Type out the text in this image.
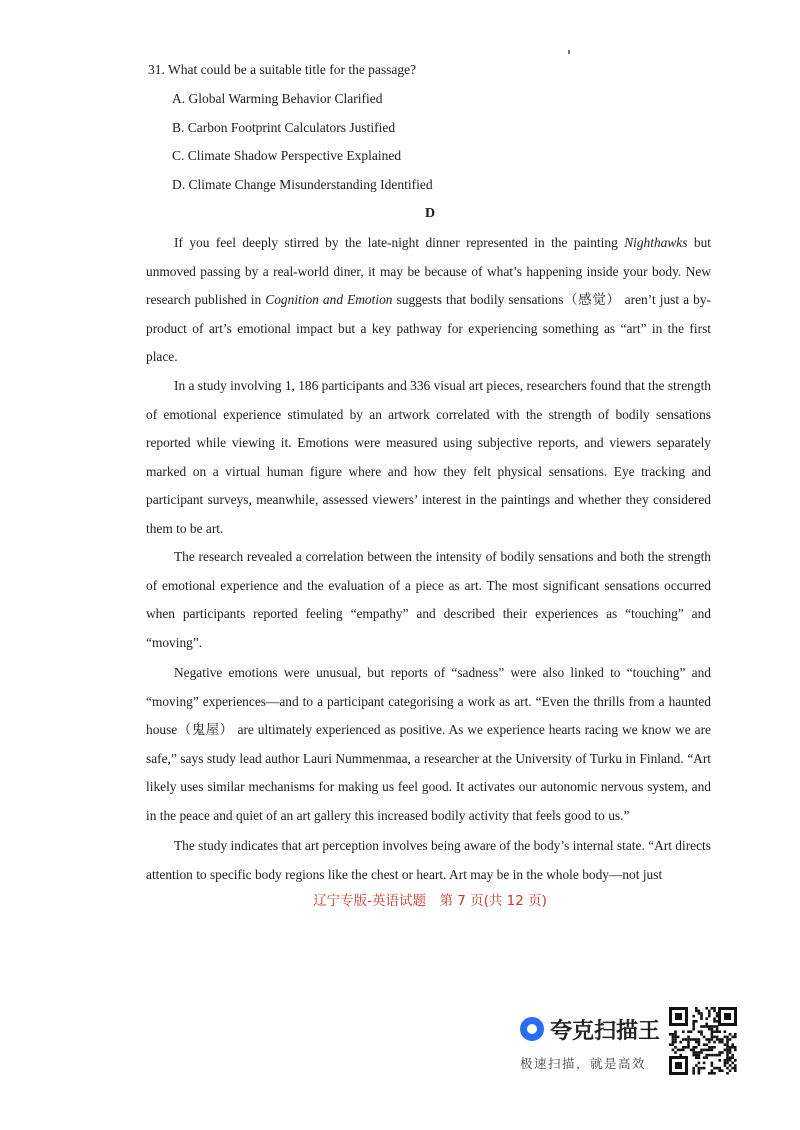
31. What could be a suitable title for the passage?
A. Global Warming Behavior Clarified
B. Carbon Footprint Calculators Justified
C. Climate Shadow Perspective Explained
D. Climate Change Misunderstanding Identified
D

If you feel deeply stirred by the late-night dinner represented in the painting Nighthawks but unmoved passing by a real-world diner, it may be because of what’s happening inside your body. New research published in Cognition and Emotion suggests that bodily sensations（感觉） aren’t just a by-product of art’s emotional impact but a key pathway for experiencing something as “art” in the first place.

In a study involving 1, 186 participants and 336 visual art pieces, researchers found that the strength of emotional experience stimulated by an artwork correlated with the strength of bodily sensations reported while viewing it. Emotions were measured using subjective reports, and viewers separately marked on a virtual human figure where and how they felt physical sensations. Eye tracking and participant surveys, meanwhile, assessed viewers’ interest in the paintings and whether they considered them to be art.

The research revealed a correlation between the intensity of bodily sensations and both the strength of emotional experience and the evaluation of a piece as art. The most significant sensations occurred when participants reported feeling “empathy” and described their experiences as “touching” and “moving”.

Negative emotions were unusual, but reports of “sadness” were also linked to “touching” and “moving” experiences—and to a participant categorising a work as art. “Even the thrills from a haunted house（鬼屋） are ultimately experienced as positive. As we experience hearts racing we know we are safe,” says study lead author Lauri Nummenmaa, a researcher at the University of Turku in Finland. “Art likely uses similar mechanisms for making us feel good. It activates our autonomic nervous system, and in the peace and quiet of an art gallery this increased bodily activity that feels good to us.”

The study indicates that art perception involves being aware of the body’s internal state. “Art directs attention to specific body regions like the chest or heart. Art may be in the whole body—not just

辽宁专版-英语试题　第 7 页(共 12 页)
夸克扫描王
极速扫描，就是高效
